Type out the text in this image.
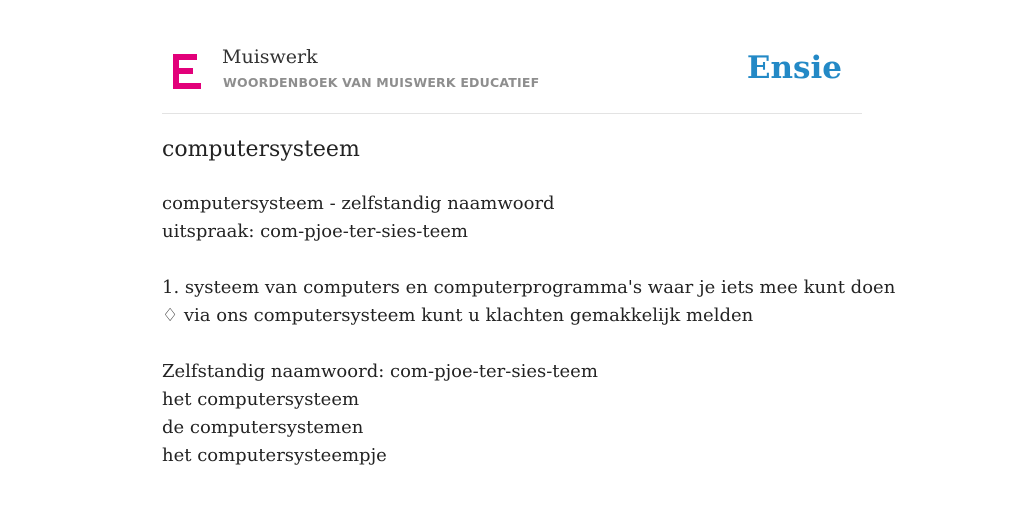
Muiswerk
WOORDENBOEK VAN MUISWERK EDUCATIEF	Ensie
computersysteem
computersysteem - zelfstandig naamwoord
uitspraak: com-pjoe-ter-sies-teem
1. systeem van computers en computerprogramma's waar je iets mee kunt doen
♢ via ons computersysteem kunt u klachten gemakkelijk melden
Zelfstandig naamwoord: com-pjoe-ter-sies-teem
het computersysteem
de computersystemen
het computersysteempje
